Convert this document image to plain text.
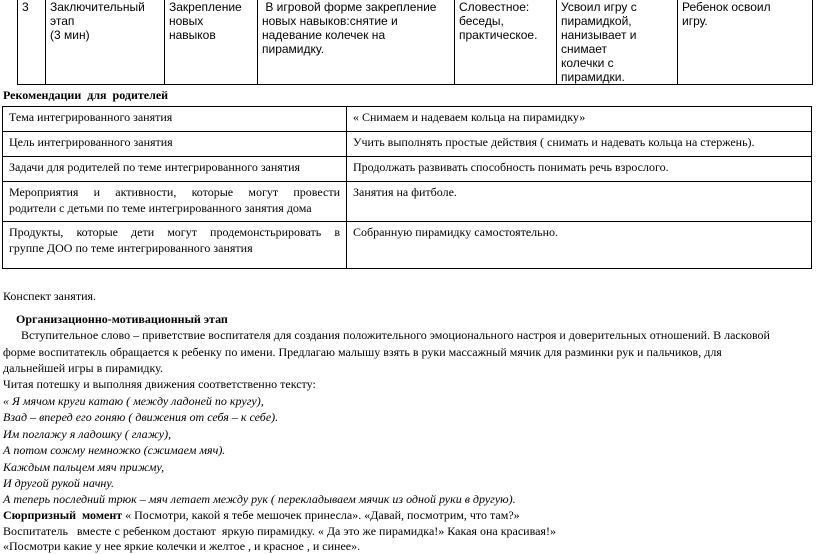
3	Заключительный
этап
(3 мин)

Закрепление
новых навыков

В игровой форме закрепление
новых навыков:снятие и
надевание колечек на
пирамидку.

Словестное:
беседы,
практическое.

Усвоил игру с
пирамидкой,
нанизывает и снимает
колечки с пирамидки.

Ребенок освоил
игру.
Рекомендации  для  родителей
Тема интегрированного занятия	« Снимаем и надеваем кольца на пирамидку»
Цель интегрированного занятия	Учить выполнять простые действия ( снимать и надевать кольца на стержень).
Задачи для родителей по теме интегрированного занятия	Продолжать развивать способность понимать речь взрослого.

Мероприятия и активности, которые могут провести
родители с детьми по теме интегрированного занятия дома	Занятия на фитболе.

Продукты, которые дети могут продемонстьрировать в
группе ДОО по теме интегрированного занятия	Собранную пирамидку самостоятельно.
Конспект занятия.
Организационно-мотивационный этап
Вступительное слово – приветствие воспитателя для создания положительного эмоционального настроя и доверительных отношений. В ласковой
форме воспитатекль обращается к ребенку по имени. Предлагаю малышу взять в руки массажный мячик для разминки рук и пальчиков, для
дальнейшей игры в пирамидку.
Читая потешку и выполняя движения соответственно тексту:
« Я мячом круги катаю ( между ладоней по кругу),
Взад – вперед его гоняю ( движения от себя – к себе).
Им поглажу я ладошку ( глажу),
А потом сожму немножко (сжимаем мяч).
Каждым пальцем мяч прижму,
И другой рукой начну.
А теперь последний трюк – мяч летает между рук ( перекладываем мячик из одной руки в другую).
Сюрпризный  момент « Посмотри, какой я тебе мешочек принесла». «Давай, посмотрим, что там?»
Воспитатель   вместе с ребенком достают  яркую пирамидку. « Да это же пирамидка!» Какая она красивая!»
«Посмотри какие у нее яркие колечки и желтое , и красное , и синее».
